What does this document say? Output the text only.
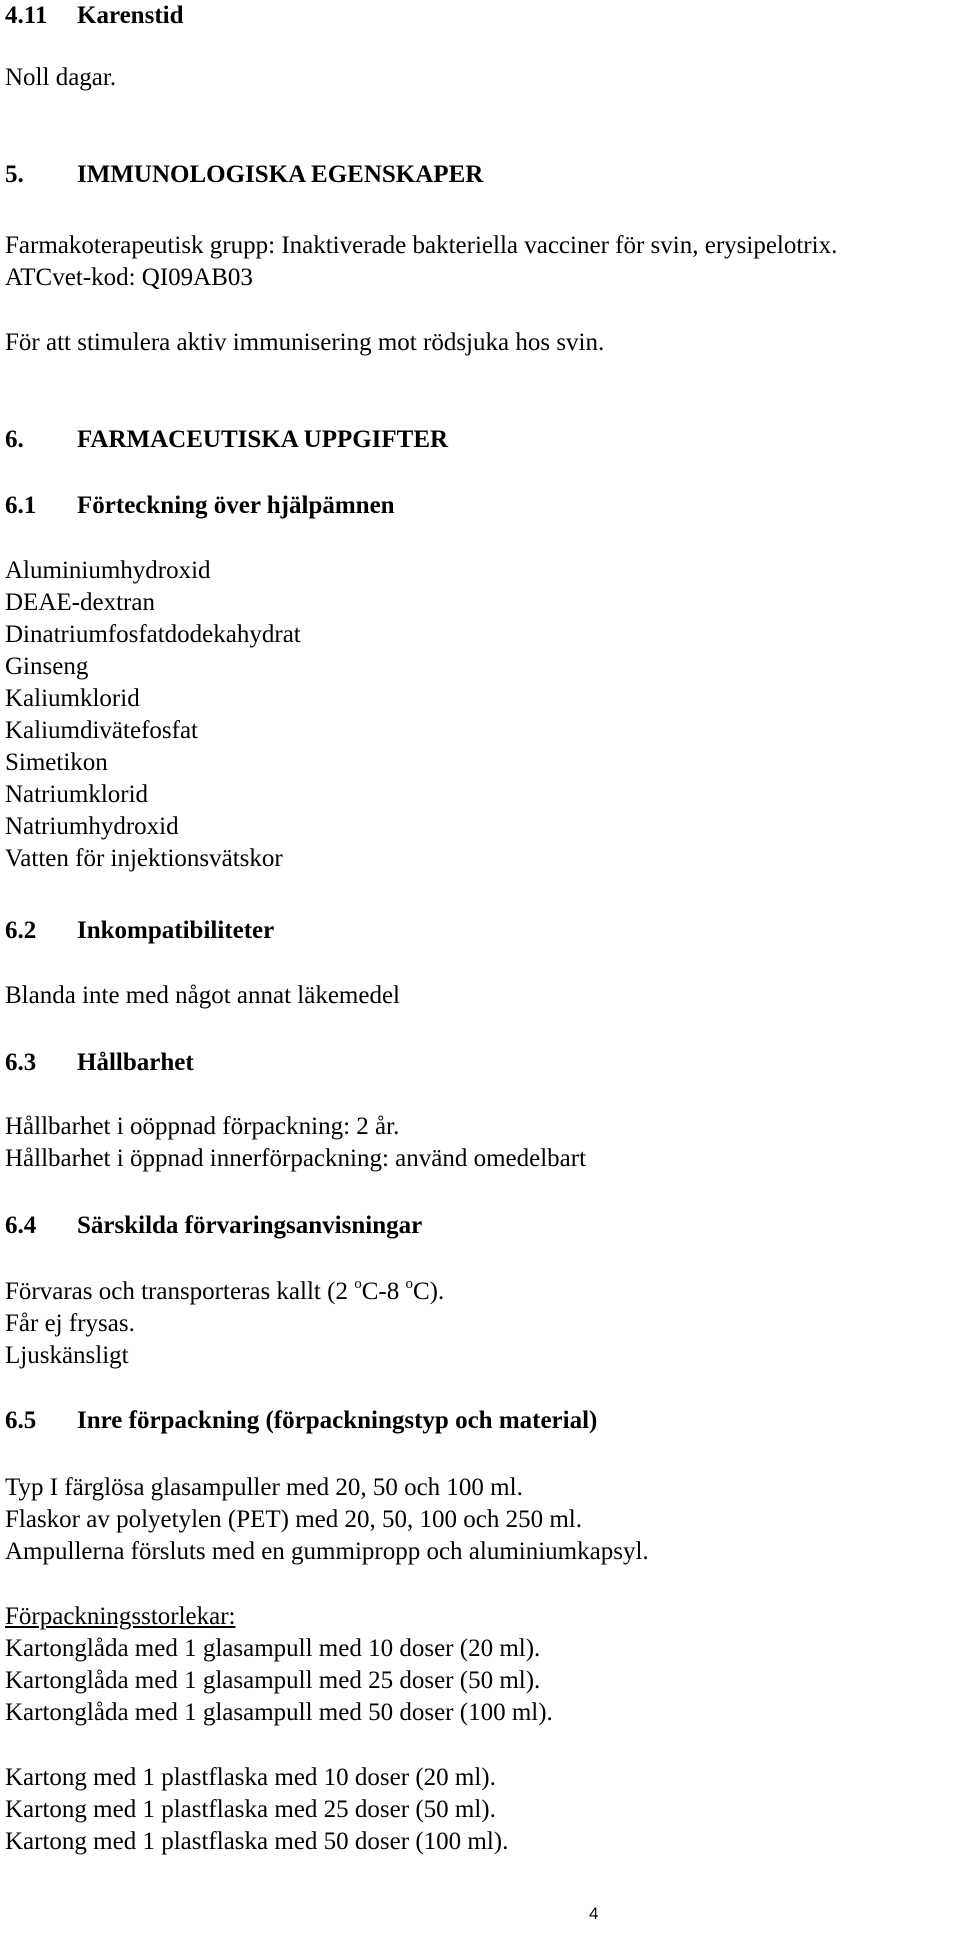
4.11 Karenstid
Noll dagar.
5. IMMUNOLOGISKA EGENSKAPER
Farmakoterapeutisk grupp: Inaktiverade bakteriella vacciner för svin, erysipelotrix.
ATCvet-kod: QI09AB03
För att stimulera aktiv immunisering mot rödsjuka hos svin.
6. FARMACEUTISKA UPPGIFTER
6.1 Förteckning över hjälpämnen
Aluminiumhydroxid
DEAE-dextran
Dinatriumfosfatdodekahydrat
Ginseng
Kaliumklorid
Kaliumdivätefosfat
Simetikon
Natriumklorid
Natriumhydroxid
Vatten för injektionsvätskor
6.2 Inkompatibiliteter
Blanda inte med något annat läkemedel
6.3 Hållbarhet
Hållbarhet i oöppnad förpackning: 2 år.
Hållbarhet i öppnad innerförpackning: använd omedelbart
6.4 Särskilda förvaringsanvisningar
Förvaras och transporteras kallt (2 $^o$C-8 $^o$C).
Får ej frysas.
Ljuskänsligt
6.5 Inre förpackning (förpackningstyp och material)
Typ I färglösa glasampuller med 20, 50 och 100 ml.
Flaskor av polyetylen (PET) med 20, 50, 100 och 250 ml.
Ampullerna försluts med en gummipropp och aluminiumkapsyl.
Förpackningsstorlekar:
Kartonglåda med 1 glasampull med 10 doser (20 ml).
Kartonglåda med 1 glasampull med 25 doser (50 ml).
Kartonglåda med 1 glasampull med 50 doser (100 ml).
Kartong med 1 plastflaska med 10 doser (20 ml).
Kartong med 1 plastflaska med 25 doser (50 ml).
Kartong med 1 plastflaska med 50 doser (100 ml).
4
